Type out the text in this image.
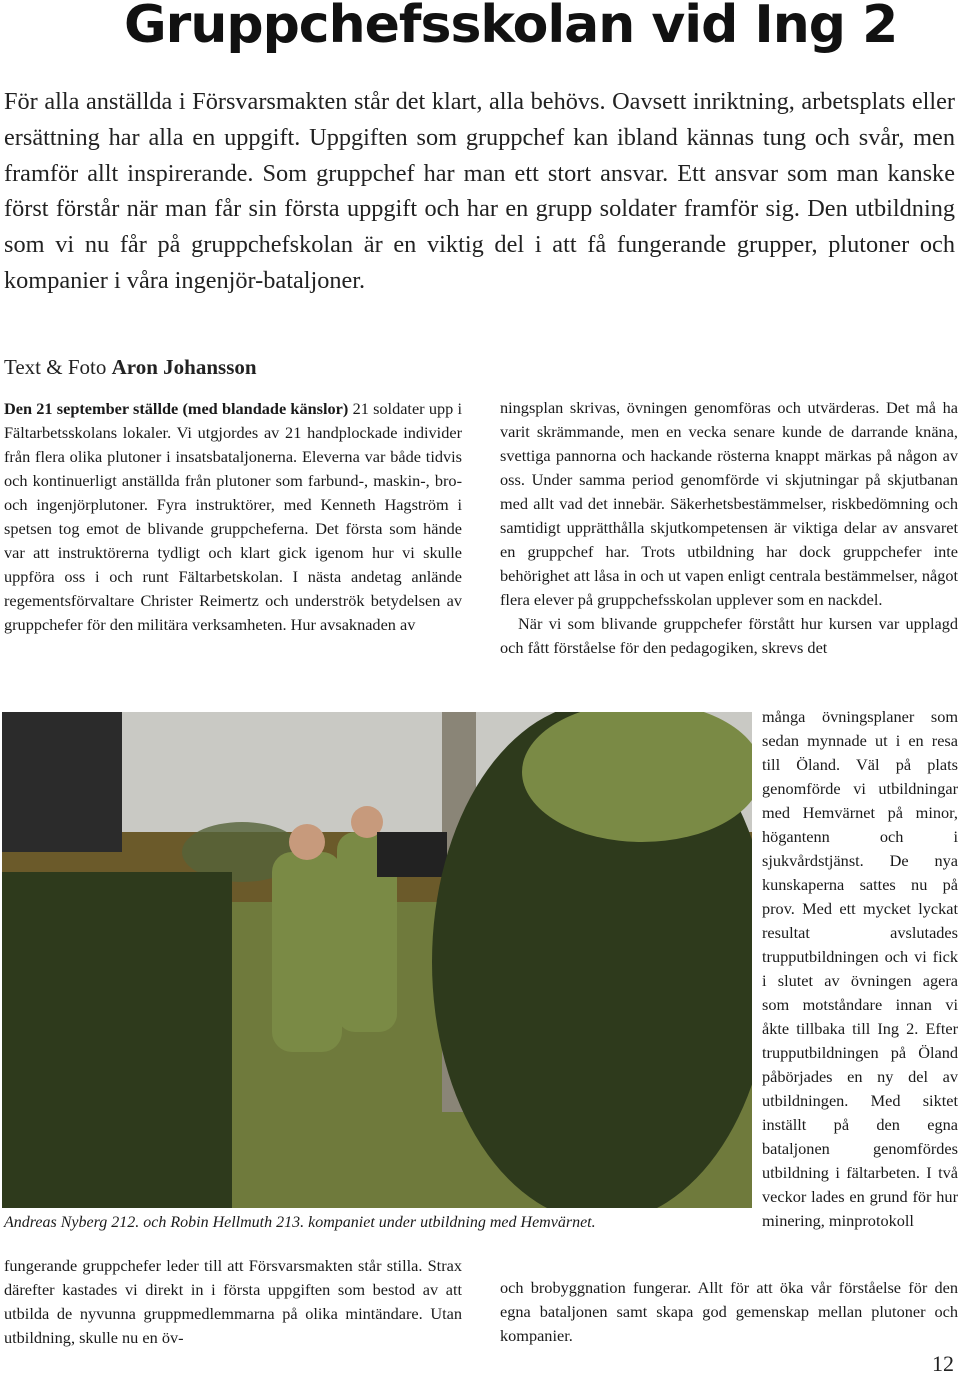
Gruppchefsskolan vid Ing 2

För alla anställda i Försvarsmakten står det klart, alla behövs. Oavsett inriktning, arbetsplats eller ersättning har alla en uppgift. Uppgiften som gruppchef kan ibland kännas tung och svår, men framför allt inspirerande. Som gruppchef har man ett stort ansvar. Ett ansvar som man kanske först förstår när man får sin första uppgift och har en grupp soldater framför sig. Den utbildning som vi nu får på gruppchefskolan är en viktig del i att få fungerande grupper, plutoner och kompanier i våra ingenjör-bataljoner.

Text & Foto Aron Johansson

Den 21 september ställde (med blandade känslor) 21 soldater upp i Fältarbetsskolans lokaler. Vi utgjordes av 21 handplockade individer från flera olika plutoner i insatsbataljonerna. Eleverna var både tidvis och kontinuerligt anställda från plutoner som farbund-, maskin-, bro- och ingenjörplutoner. Fyra instruktörer, med Kenneth Hagström i spetsen tog emot de blivande gruppcheferna. Det första som hände var att instruktörerna tydligt och klart gick igenom hur vi skulle uppföra oss i och runt Fältarbetskolan. I nästa andetag anlände regementsförvaltare Christer Reimertz och underströk betydelsen av gruppchefer för den militära verksamheten. Hur avsaknaden av

ningsplan skrivas, övningen genomföras och utvärderas. Det må ha varit skrämmande, men en vecka senare kunde de darrande knäna, svettiga pannorna och hackande rösterna knappt märkas på någon av oss. Under samma period genomförde vi skjutningar på skjutbanan med allt vad det innebär. Säkerhetsbestämmelser, riskbedömning och samtidigt upprätthålla skjutkompetensen är viktiga delar av ansvaret en gruppchef har. Trots utbildning har dock gruppchefer inte behörighet att låsa in och ut vapen enligt centrala bestämmelser, något flera elever på gruppchefsskolan upplever som en nackdel.

När vi som blivande gruppchefer förstått hur kursen var upplagd och fått förståelse för den pedagogiken, skrevs det

många övningsplaner som sedan mynnade ut i en resa till Öland. Väl på plats genomförde vi utbildningar med Hemvärnet på minor, högantenn och i sjukvårdstjänst. De nya kunskaperna sattes nu på prov. Med ett mycket lyckat resultat avslutades trupputbildningen och vi fick i slutet av övningen agera som motståndare innan vi åkte tillbaka till Ing 2. Efter trupputbildningen på Öland påbörjades en ny del av utbildningen. Med siktet inställt på den egna bataljonen genomfördes utbildning i fältarbeten. I två veckor lades en grund för hur minering, minprotokoll

Andreas Nyberg 212. och Robin Hellmuth 213. kompaniet under utbildning med Hemvärnet.

fungerande gruppchefer leder till att Försvarsmakten står stilla. Strax därefter kastades vi direkt in i första uppgiften som bestod av att utbilda de nyvunna gruppmedlemmarna på olika mintändare. Utan utbildning, skulle nu en öv-

och brobyggnation fungerar. Allt för att öka vår förståelse för den egna bataljonen samt skapa god gemenskap mellan plutoner och kompanier.

12
